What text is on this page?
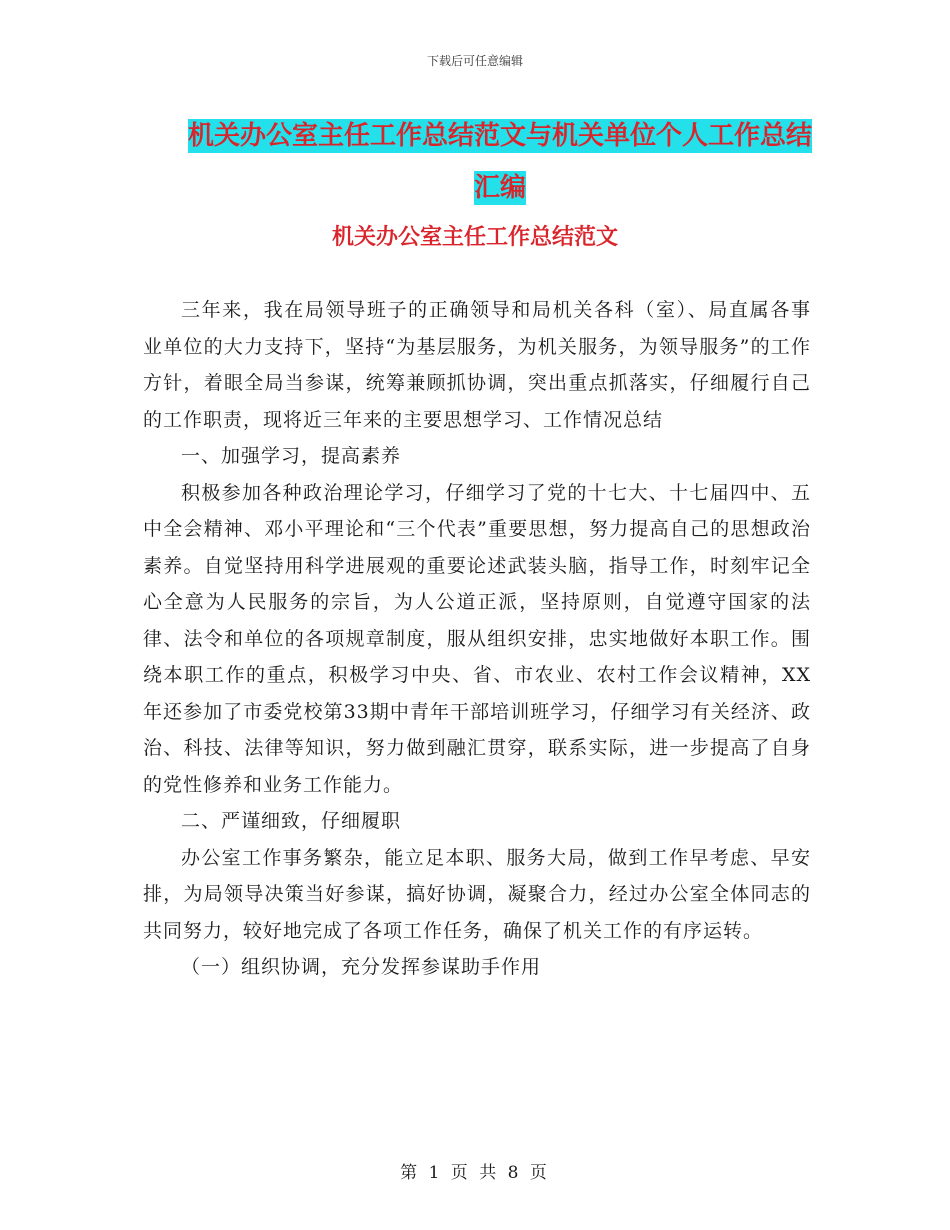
下载后可任意编辑
机关办公室主任工作总结范文与机关单位个人工作总结汇编
机关办公室主任工作总结范文

三年来，我在局领导班子的正确领导和局机关各科（室）、局直属各事业单位的大力支持下，坚持“为基层服务，为机关服务，为领导服务”的工作方针，着眼全局当参谋，统筹兼顾抓协调，突出重点抓落实，仔细履行自己的工作职责，现将近三年来的主要思想学习、工作情况总结

一、加强学习，提高素养

积极参加各种政治理论学习，仔细学习了党的十七大、十七届四中、五中全会精神、邓小平理论和“三个代表”重要思想，努力提高自己的思想政治素养。自觉坚持用科学进展观的重要论述武装头脑，指导工作，时刻牢记全心全意为人民服务的宗旨，为人公道正派，坚持原则，自觉遵守国家的法律、法令和单位的各项规章制度，服从组织安排，忠实地做好本职工作。围绕本职工作的重点，积极学习中央、省、市农业、农村工作会议精神，XX年还参加了市委党校第33期中青年干部培训班学习，仔细学习有关经济、政治、科技、法律等知识，努力做到融汇贯穿，联系实际，进一步提高了自身的党性修养和业务工作能力。

二、严谨细致，仔细履职

办公室工作事务繁杂，能立足本职、服务大局，做到工作早考虑、早安排，为局领导决策当好参谋，搞好协调，凝聚合力，经过办公室全体同志的共同努力，较好地完成了各项工作任务，确保了机关工作的有序运转。

（一）组织协调，充分发挥参谋助手作用

第 1 页 共 8 页
